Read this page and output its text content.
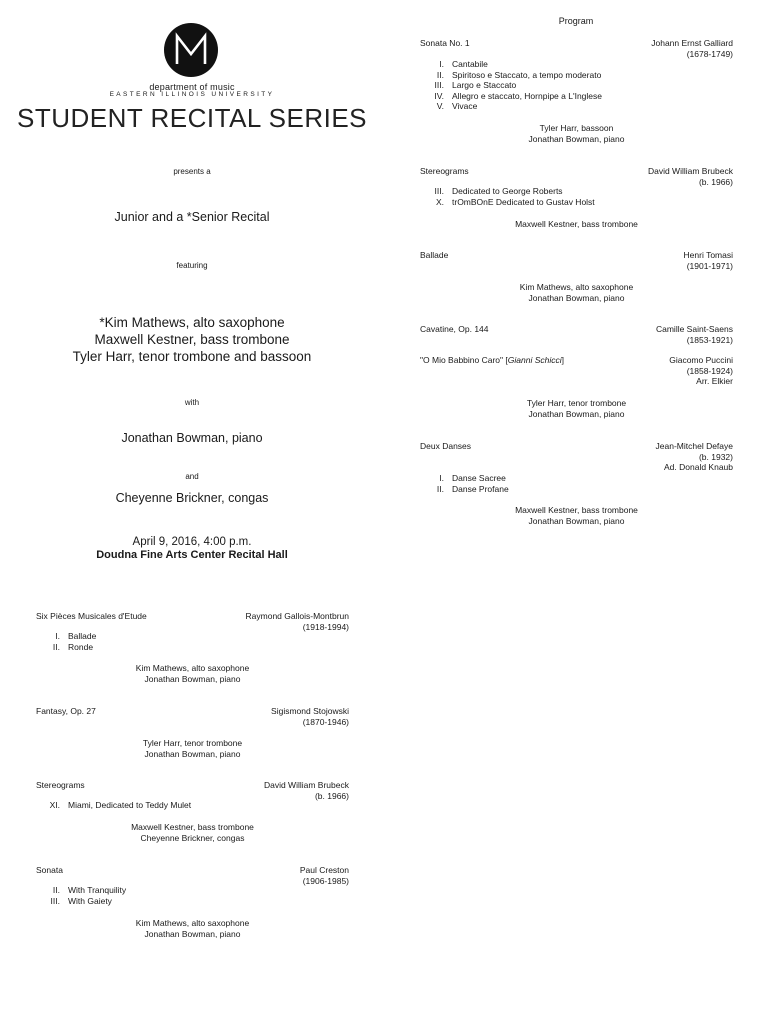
department of music
EASTERN ILLINOIS UNIVERSITY
STUDENT RECITAL SERIES
presents a
Junior and a *Senior Recital
featuring
*Kim Mathews, alto saxophone
Maxwell Kestner, bass trombone
Tyler Harr, tenor trombone and bassoon
with
Jonathan Bowman, piano
and
Cheyenne Brickner, congas
April 9, 2016, 4:00 p.m.
Doudna Fine Arts Center Recital Hall
Six Pièces Musicales d'Etude	Raymond Gallois-Montbrun
(1918-1994)
I. Ballade
II. Ronde
Kim Mathews, alto saxophone
Jonathan Bowman, piano
Fantasy, Op. 27	Sigismond Stojowski
(1870-1946)
Tyler Harr, tenor trombone
Jonathan Bowman, piano
Stereograms	David William Brubeck
(b. 1966)
XI. Miami, Dedicated to Teddy Mulet
Maxwell Kestner, bass trombone
Cheyenne Brickner, congas
Sonata	Paul Creston
(1906-1985)
II. With Tranquility
III. With Gaiety
Kim Mathews, alto saxophone
Jonathan Bowman, piano
Program
Sonata No. 1	Johann Ernst Galliard
(1678-1749)
I. Cantabile
II. Spiritoso e Staccato, a tempo moderato
III. Largo e Staccato
IV. Allegro e staccato, Hornpipe a L'Inglese
V. Vivace
Tyler Harr, bassoon
Jonathan Bowman, piano
Stereograms	David William Brubeck
(b. 1966)
III. Dedicated to George Roberts
X. trOmBOnE Dedicated to Gustav Holst
Maxwell Kestner, bass trombone
Ballade	Henri Tomasi
(1901-1971)
Kim Mathews, alto saxophone
Jonathan Bowman, piano
Cavatine, Op. 144	Camille Saint-Saens
(1853-1921)
"O Mio Babbino Caro" [Gianni Schicci]	Giacomo Puccini
(1858-1924)
Arr. Elkier
Tyler Harr, tenor trombone
Jonathan Bowman, piano
Deux Danses	Jean-Mitchel Defaye
(b. 1932)
Ad. Donald Knaub
I. Danse Sacree
II. Danse Profane
Maxwell Kestner, bass trombone
Jonathan Bowman, piano
